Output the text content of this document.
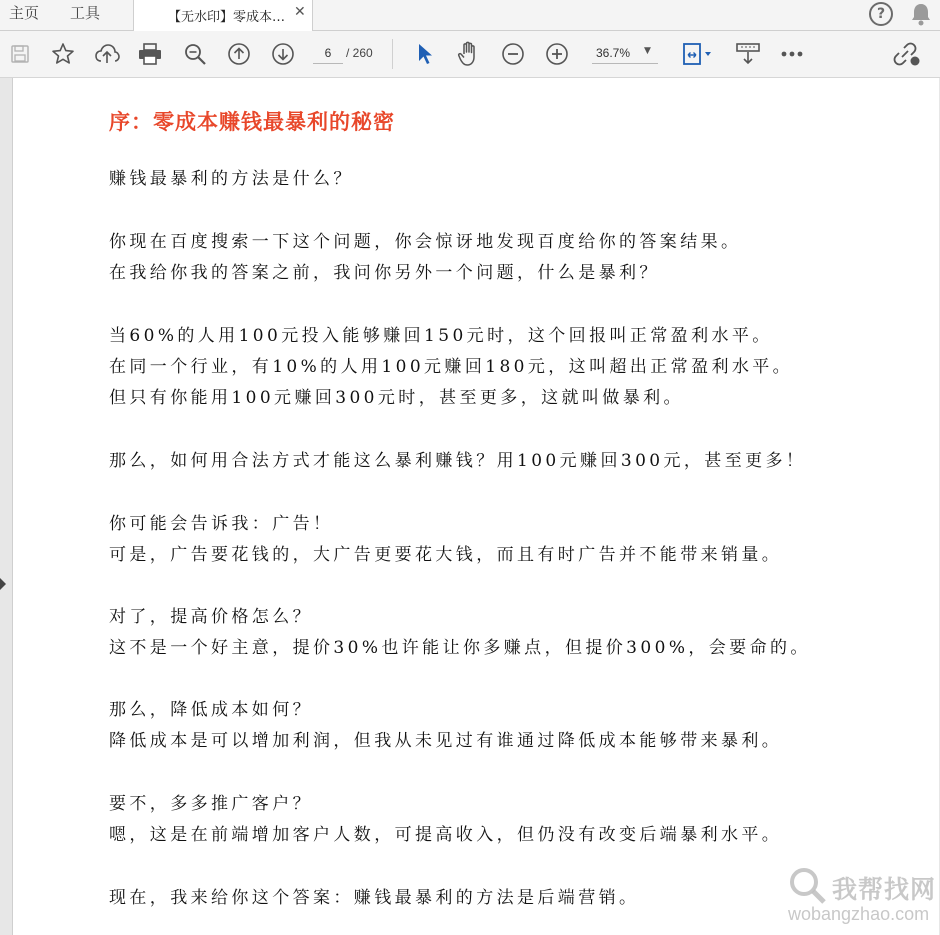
主页 工具	【无水印】零成本… ✕	?
6
/ 260	36.7% ▼
序：零成本赚钱最暴利的秘密
赚钱最暴利的方法是什么？
你现在百度搜索一下这个问题，你会惊讶地发现百度给你的答案结果。
在我给你我的答案之前，我问你另外一个问题，什么是暴利？
当60%的人用100元投入能够赚回150元时，这个回报叫正常盈利水平。
在同一个行业，有10%的人用100元赚回180元，这叫超出正常盈利水平。
但只有你能用100元赚回300元时，甚至更多，这就叫做暴利。
那么，如何用合法方式才能这么暴利赚钱？用100元赚回300元，甚至更多！
你可能会告诉我：广告！
可是，广告要花钱的，大广告更要花大钱，而且有时广告并不能带来销量。
对了，提高价格怎么？
这不是一个好主意，提价30%也许能让你多赚点，但提价300%，会要命的。
那么，降低成本如何？
降低成本是可以增加利润，但我从未见过有谁通过降低成本能够带来暴利。
要不，多多推广客户？
嗯，这是在前端增加客户人数，可提高收入，但仍没有改变后端暴利水平。
现在，我来给你这个答案：赚钱最暴利的方法是后端营销。	我帮找网
wobangzhao.com
